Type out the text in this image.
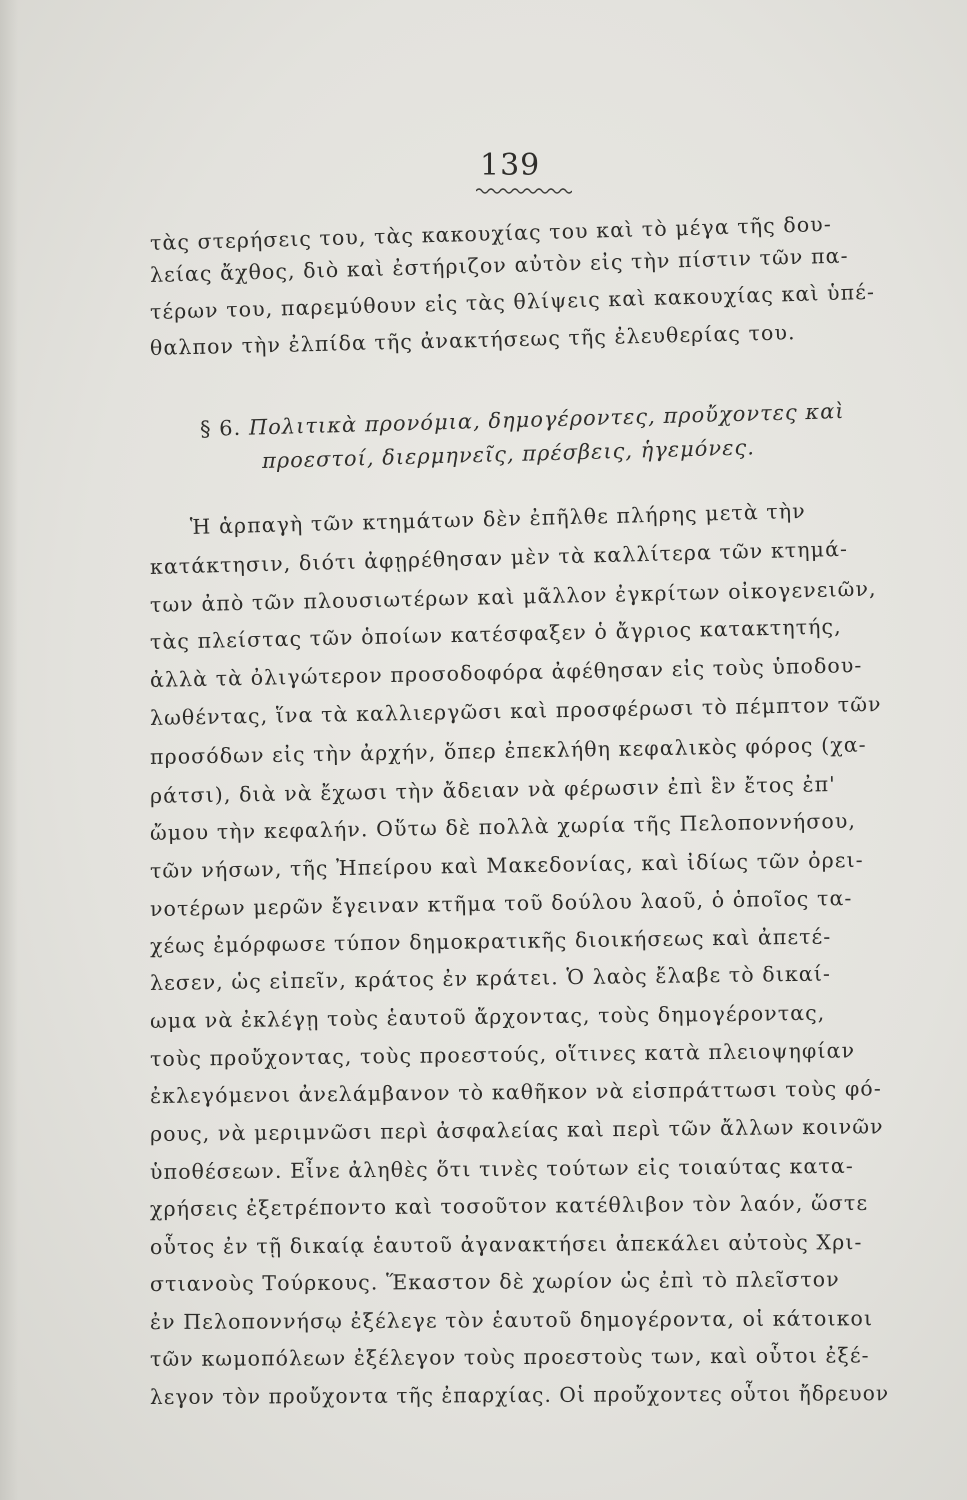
139
τὰς στερήσεις του, τὰς κακουχίας του καὶ τὸ μέγα τῆς δου-
λείας ἄχθος, διὸ καὶ ἐστήριζον αὐτὸν εἰς τὴν πίστιν τῶν πα-
τέρων του, παρεμύθουν εἰς τὰς θλίψεις καὶ κακουχίας καὶ ὑπέ-
θαλπον τὴν ἐλπίδα τῆς ἀνακτήσεως τῆς ἐλευθερίας του.
§ 6. Πολιτικὰ προνόμια, δημογέροντες, προὔχοντες καὶ
προεστοί, διερμηνεῖς, πρέσβεις, ἡγεμόνες.
Ἡ ἁρπαγὴ τῶν κτημάτων δὲν ἐπῆλθε πλήρης μετὰ τὴν
κατάκτησιν, διότι ἀφῃρέθησαν μὲν τὰ καλλίτερα τῶν κτημά-
των ἀπὸ τῶν πλουσιωτέρων καὶ μᾶλλον ἐγκρίτων οἰκογενειῶν,
τὰς πλείστας τῶν ὁποίων κατέσφαξεν ὁ ἄγριος κατακτητής,
ἀλλὰ τὰ ὀλιγώτερον προσοδοφόρα ἀφέθησαν εἰς τοὺς ὑποδου-
λωθέντας, ἵνα τὰ καλλιεργῶσι καὶ προσφέρωσι τὸ πέμπτον τῶν
προσόδων εἰς τὴν ἀρχήν, ὅπερ ἐπεκλήθη κεφαλικὸς φόρος (χα-
ράτσι), διὰ νὰ ἔχωσι τὴν ἄδειαν νὰ φέρωσιν ἐπὶ ἓν ἔτος ἐπ'
ὤμου τὴν κεφαλήν. Οὕτω δὲ πολλὰ χωρία τῆς Πελοποννήσου,
τῶν νήσων, τῆς Ἠπείρου καὶ Μακεδονίας, καὶ ἰδίως τῶν ὀρει-
νοτέρων μερῶν ἔγειναν κτῆμα τοῦ δούλου λαοῦ, ὁ ὁποῖος τα-
χέως ἐμόρφωσε τύπον δημοκρατικῆς διοικήσεως καὶ ἀπετέ-
λεσεν, ὡς εἰπεῖν, κράτος ἐν κράτει. Ὁ λαὸς ἔλαβε τὸ δικαί-
ωμα νὰ ἐκλέγῃ τοὺς ἑαυτοῦ ἄρχοντας, τοὺς δημογέροντας,
τοὺς προὔχοντας, τοὺς προεστούς, οἵτινες κατὰ πλειοψηφίαν
ἐκλεγόμενοι ἀνελάμβανον τὸ καθῆκον νὰ εἰσπράττωσι τοὺς φό-
ρους, νὰ μεριμνῶσι περὶ ἀσφαλείας καὶ περὶ τῶν ἄλλων κοινῶν
ὑποθέσεων. Εἶνε ἀληθὲς ὅτι τινὲς τούτων εἰς τοιαύτας κατα-
χρήσεις ἐξετρέποντο καὶ τοσοῦτον κατέθλιβον τὸν λαόν, ὥστε
οὗτος ἐν τῇ δικαίᾳ ἑαυτοῦ ἀγανακτήσει ἀπεκάλει αὐτοὺς Χρι-
στιανοὺς Τούρκους. Ἕκαστον δὲ χωρίον ὡς ἐπὶ τὸ πλεῖστον
ἐν Πελοποννήσῳ ἐξέλεγε τὸν ἑαυτοῦ δημογέροντα, οἱ κάτοικοι
τῶν κωμοπόλεων ἐξέλεγον τοὺς προεστοὺς των, καὶ οὗτοι ἐξέ-
λεγον τὸν προὔχοντα τῆς ἐπαρχίας. Οἱ προὔχοντες οὗτοι ἤδρευον
